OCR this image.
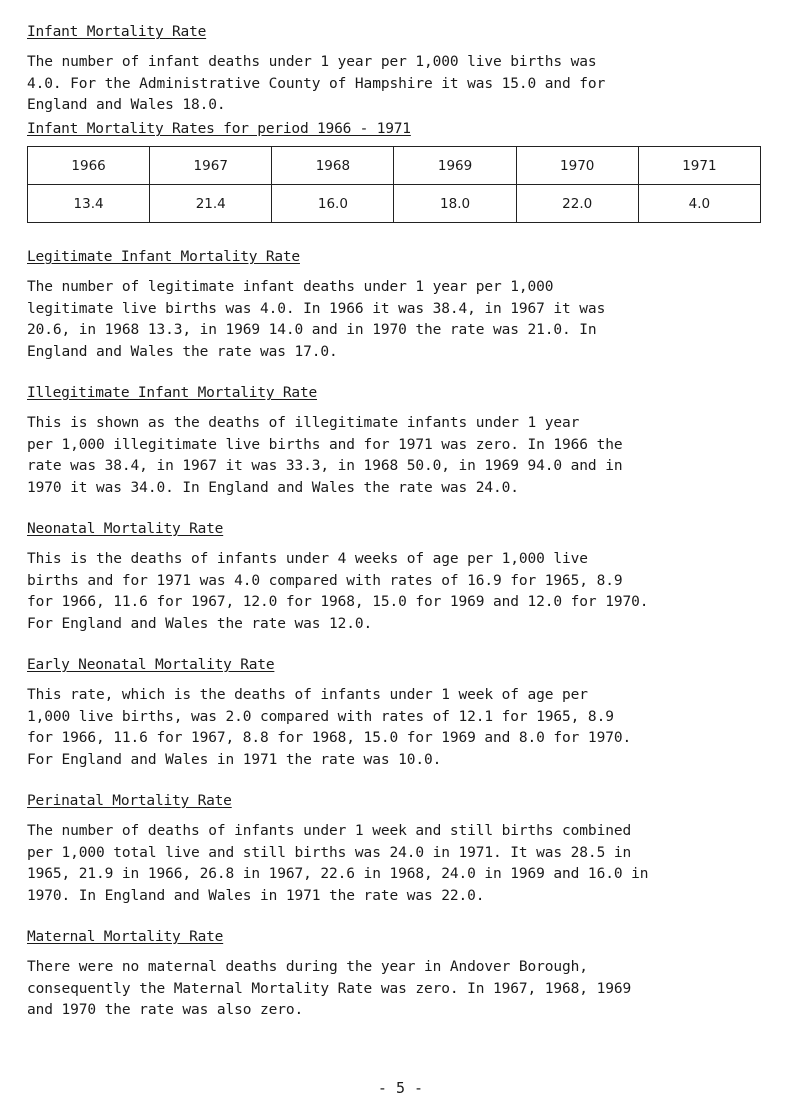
Infant Mortality Rate

The number of infant deaths under 1 year per 1,000 live births was
4.0. For the Administrative County of Hampshire it was 15.0 and for
England and Wales 18.0.

Infant Mortality Rates for period 1966 - 1971
1966	1967	1968	1969	1970	1971
13.4	21.4	16.0	18.0	22.0	4.0
Legitimate Infant Mortality Rate

The number of legitimate infant deaths under 1 year per 1,000
legitimate live births was 4.0. In 1966 it was 38.4, in 1967 it was
20.6, in 1968 13.3, in 1969 14.0 and in 1970 the rate was 21.0. In
England and Wales the rate was 17.0.

Illegitimate Infant Mortality Rate

This is shown as the deaths of illegitimate infants under 1 year
per 1,000 illegitimate live births and for 1971 was zero. In 1966 the
rate was 38.4, in 1967 it was 33.3, in 1968 50.0, in 1969 94.0 and in
1970 it was 34.0. In England and Wales the rate was 24.0.

Neonatal Mortality Rate

This is the deaths of infants under 4 weeks of age per 1,000 live
births and for 1971 was 4.0 compared with rates of 16.9 for 1965, 8.9
for 1966, 11.6 for 1967, 12.0 for 1968, 15.0 for 1969 and 12.0 for 1970.
For England and Wales the rate was 12.0.

Early Neonatal Mortality Rate

This rate, which is the deaths of infants under 1 week of age per
1,000 live births, was 2.0 compared with rates of 12.1 for 1965, 8.9
for 1966, 11.6 for 1967, 8.8 for 1968, 15.0 for 1969 and 8.0 for 1970.
For England and Wales in 1971 the rate was 10.0.

Perinatal Mortality Rate

The number of deaths of infants under 1 week and still births combined
per 1,000 total live and still births was 24.0 in 1971. It was 28.5 in
1965, 21.9 in 1966, 26.8 in 1967, 22.6 in 1968, 24.0 in 1969 and 16.0 in
1970. In England and Wales in 1971 the rate was 22.0.

Maternal Mortality Rate

There were no maternal deaths during the year in Andover Borough,
consequently the Maternal Mortality Rate was zero. In 1967, 1968, 1969
and 1970 the rate was also zero.

- 5 -
